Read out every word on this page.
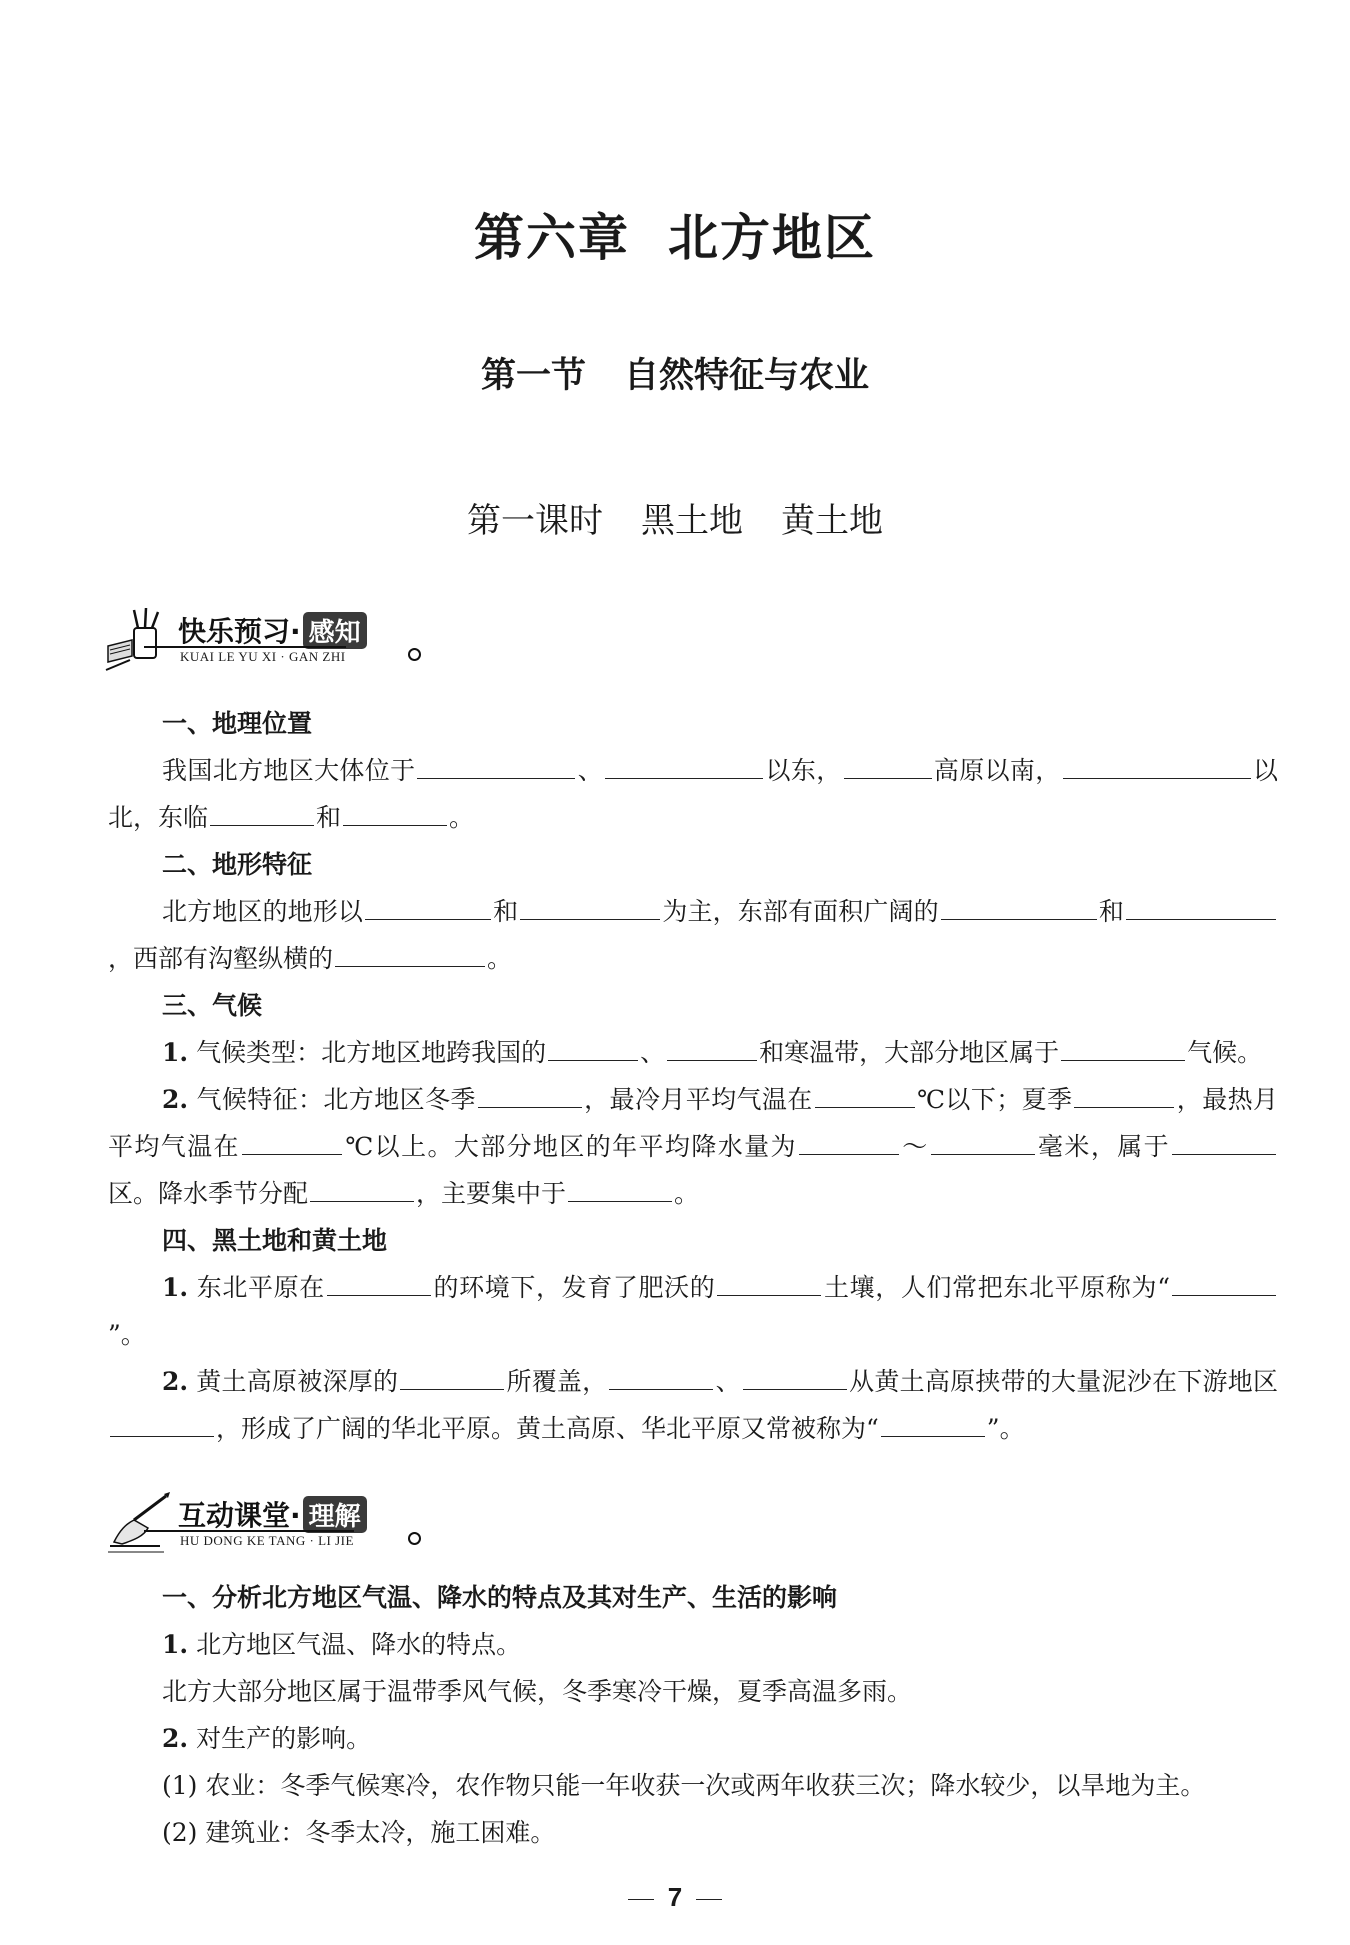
第六章 北方地区
第一节 自然特征与农业
第一课时 黑土地 黄土地
快乐预习· 感知
KUAI LE YU XI · GAN ZHI
一、地理位置
我国北方地区大体位于	、	以东，	高原以南，	以北，东临	和	。
二、地形特征
北方地区的地形以	和	为主，东部有面积广阔的	和，西部有沟壑纵横的	。
三、气候
1. 气候类型：北方地区地跨我国的	、	和寒温带，大部分地区属于	气候。
2. 气候特征：北方地区冬季	，最冷月平均气温在	℃以下；夏季	，最热月平均气温在	℃以上。大部分地区的年平均降水量为	～	毫米，属于区。降水季节分配	，主要集中于	。
四、黑土地和黄土地
1. 东北平原在	的环境下，发育了肥沃的	土壤，人们常把东北平原称为“”。
2. 黄土高原被深厚的	所覆盖，	、	从黄土高原挟带的大量泥沙在下游地区，形成了广阔的华北平原。黄土高原、华北平原又常被称为“	”。
互动课堂· 理解
HU DONG KE TANG · LI JIE
一、分析北方地区气温、降水的特点及其对生产、生活的影响
1. 北方地区气温、降水的特点。
北方大部分地区属于温带季风气候，冬季寒冷干燥，夏季高温多雨。
2. 对生产的影响。
(1) 农业：冬季气候寒冷，农作物只能一年收获一次或两年收获三次；降水较少，以旱地为主。
(2) 建筑业：冬季太冷，施工困难。
7
